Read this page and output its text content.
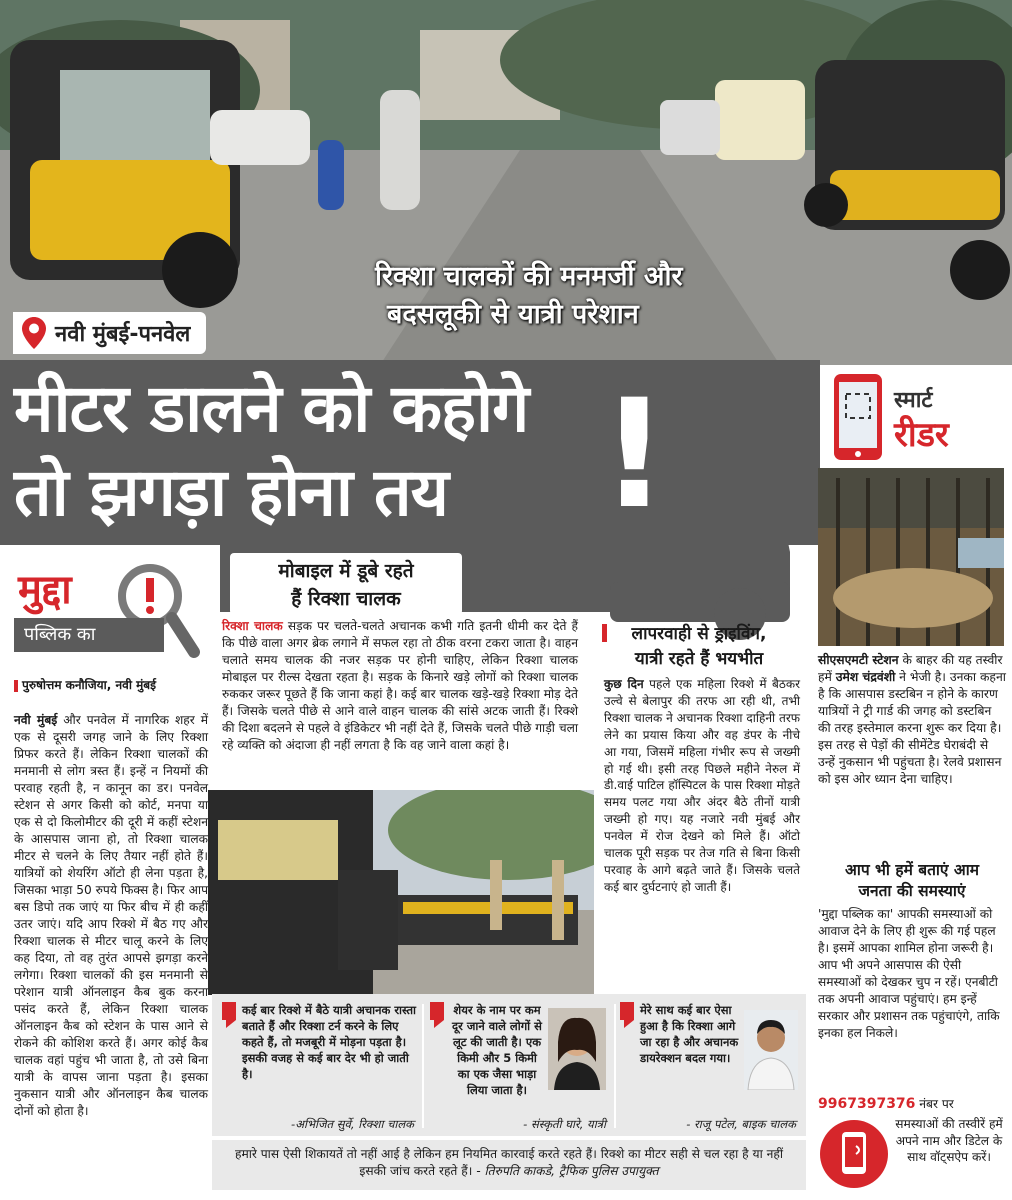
रिक्शा चालकों की मनमर्जी और
बदसलूकी से यात्री परेशान
नवी मुंबई-पनवेल
मीटर डालने को कहोगे
तो झगड़ा होना तय	!	स्मार्ट
रीडर
मुद्दा
पब्लिक का
पुरुषोत्तम कनौजिया, नवी मुंबई
नवी मुंबई और पनवेल में नागरिक शहर में एक से दूसरी जगह जाने के लिए रिक्शा प्रिफर करते हैं। लेकिन रिक्शा चालकों की मनमानी से लोग त्रस्त हैं। इन्हें न नियमों की परवाह रहती है, न कानून का डर। पनवेल स्टेशन से अगर किसी को कोर्ट, मनपा या एक से दो किलोमीटर की दूरी में कहीं स्टेशन के आसपास जाना हो, तो रिक्शा चालक मीटर से चलने के लिए तैयार नहीं होते हैं। यात्रियों को शेयरिंग ऑटो ही लेना पड़ता है, जिसका भाड़ा 50 रुपये फिक्स है। फिर आप बस डिपो तक जाएं या फिर बीच में ही कहीं उतर जाएं। यदि आप रिक्शे में बैठ गए और रिक्शा चालक से मीटर चालू करने के लिए कह दिया, तो वह तुरंत आपसे झगड़ा करने लगेगा। रिक्शा चालकों की इस मनमानी से परेशान यात्री ऑनलाइन कैब बुक करना पसंद करते हैं, लेकिन रिक्शा चालक ऑनलाइन कैब को स्टेशन के पास आने से रोकने की कोशिश करते हैं। अगर कोई कैब चालक वहां पहुंच भी जाता है, तो उसे बिना यात्री के वापस जाना पड़ता है। इसका नुकसान यात्री और ऑनलाइन कैब चालक दोनों को होता है।
मोबाइल में डूबे रहते
हैं रिक्शा चालक
रिक्शा चालक सड़क पर चलते-चलते अचानक कभी गति इतनी धीमी कर देते हैं कि पीछे वाला अगर ब्रेक लगाने में सफल रहा तो ठीक वरना टकरा जाता है। वाहन चलाते समय चालक की नजर सड़क पर होनी चाहिए, लेकिन रिक्शा चालक मोबाइल पर रील्स देखता रहता है। सड़क के किनारे खड़े लोगों को रिक्शा चालक रुककर जरूर पूछते हैं कि जाना कहां है। कई बार चालक खड़े-खड़े रिक्शा मोड़ देते हैं। जिसके चलते पीछे से आने वाले वाहन चालक की सांसे अटक जाती हैं। रिक्शे की दिशा बदलने से पहले वे इंडिकेटर भी नहीं देते हैं, जिसके चलते पीछे गाड़ी चला रहे व्यक्ति को अंदाजा ही नहीं लगता है कि वह जाने वाला कहां है।
लापरवाही से ड्राइविंग,
यात्री रहते हैं भयभीत
कुछ दिन पहले एक महिला रिक्शे में बैठकर उल्वे से बेलापुर की तरफ आ रही थी, तभी रिक्शा चालक ने अचानक रिक्शा दाहिनी तरफ लेने का प्रयास किया और वह डंपर के नीचे आ गया, जिसमें महिला गंभीर रूप से जख्मी हो गई थी। इसी तरह पिछले महीने नेरुल में डी.वाई पाटिल हॉस्पिटल के पास रिक्शा मोड़ते समय पलट गया और अंदर बैठे तीनों यात्री जख्मी हो गए। यह नजारे नवी मुंबई और पनवेल में रोज देखने को मिले हैं। ऑटो चालक पूरी सड़क पर तेज गति से बिना किसी परवाह के आगे बढ़ते जाते हैं। जिसके चलते कई बार दुर्घटनाएं हो जाती हैं।
सीएसएमटी स्टेशन के बाहर की यह तस्वीर हमें उमेश चंद्रवंशी ने भेजी है। उनका कहना है कि आसपास डस्टबिन न होने के कारण यात्रियों ने ट्री गार्ड की जगह को डस्टबिन की तरह इस्तेमाल करना शुरू कर दिया है। इस तरह से पेड़ों की सीमेंटेड घेराबंदी से उन्हें नुकसान भी पहुंचता है। रेलवे प्रशासन को इस ओर ध्यान देना चाहिए।
आप भी हमें बताएं आम
जनता की समस्याएं
'मुद्दा पब्लिक का' आपकी समस्याओं को आवाज देने के लिए ही शुरू की गई पहल है। इसमें आपका शामिल होना जरूरी है। आप भी अपने आसपास की ऐसी समस्याओं को देखकर चुप न रहें। एनबीटी तक अपनी आवाज पहुंचाएं। हम इन्हें सरकार और प्रशासन तक पहुंचाएंगे, ताकि इनका हल निकले।
9967397376 नंबर पर
समस्याओं की तस्वीरें हमें अपने नाम और डिटेल के साथ वॉट्सऐप करें।
कई बार रिक्शे में बैठे यात्री अचानक रास्ता बताते हैं और रिक्शा टर्न करने के लिए कहते हैं, तो मजबूरी में मोड़ना पड़ता है। इसकी वजह से कई बार देर भी हो जाती है।
-अभिजित सुर्वे, रिक्शा चालक
शेयर के नाम पर कम दूर जाने वाले लोगों से लूट की जाती है। एक किमी और 5 किमी का एक जैसा भाड़ा लिया जाता है।
- संस्कृती घारे, यात्री
मेरे साथ कई बार ऐसा हुआ है कि रिक्शा आगे जा रहा है और अचानक डायरेक्शन बदल गया।
- राजू पटेल, बाइक चालक
हमारे पास ऐसी शिकायतें तो नहीं आई है लेकिन हम नियमित कारवाई करते रहते हैं। रिक्शे का मीटर सही से चल रहा है या नहीं इसकी जांच करते रहते हैं। - तिरुपति काकडे, ट्रैफिक पुलिस उपायुक्त
